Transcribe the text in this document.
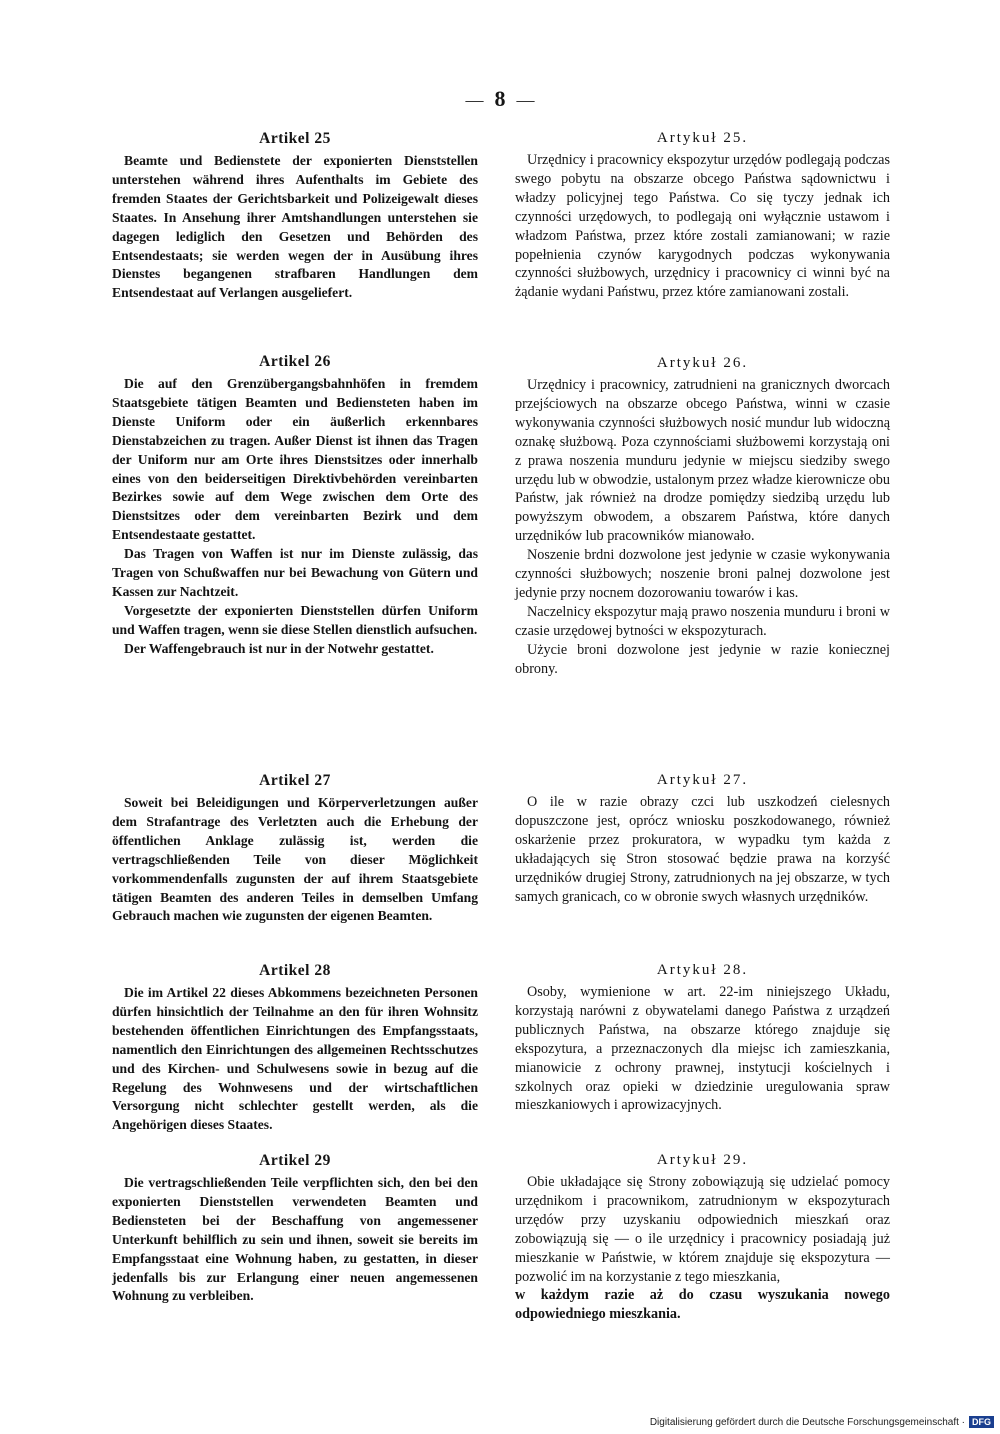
— 8 —
Artikel 25

Beamte und Bedienstete der exponierten Dienststellen unterstehen während ihres Aufenthalts im Gebiete des fremden Staates der Gerichtsbarkeit und Polizeigewalt dieses Staates. In Ansehung ihrer Amtshandlungen unterstehen sie dagegen lediglich den Gesetzen und Behörden des Entsendestaats; sie werden wegen der in Ausübung ihres Dienstes begangenen strafbaren Handlungen dem Entsendestaat auf Verlangen ausgeliefert.

Artikel 26

Die auf den Grenzübergangsbahnhöfen in fremdem Staatsgebiete tätigen Beamten und Bediensteten haben im Dienste Uniform oder ein äußerlich erkennbares Dienstabzeichen zu tragen. Außer Dienst ist ihnen das Tragen der Uniform nur am Orte ihres Dienstsitzes oder innerhalb eines von den beiderseitigen Direktivbehörden vereinbarten Bezirkes sowie auf dem Wege zwischen dem Orte des Dienstsitzes oder dem vereinbarten Bezirk und dem Entsendestaate gestattet.

Das Tragen von Waffen ist nur im Dienste zulässig, das Tragen von Schußwaffen nur bei Bewachung von Gütern und Kassen zur Nachtzeit.

Vorgesetzte der exponierten Dienststellen dürfen Uniform und Waffen tragen, wenn sie diese Stellen dienstlich aufsuchen.

Der Waffengebrauch ist nur in der Notwehr gestattet.

Artikel 27

Soweit bei Beleidigungen und Körperverletzungen außer dem Strafantrage des Verletzten auch die Erhebung der öffentlichen Anklage zulässig ist, werden die vertragschließenden Teile von dieser Möglichkeit vorkommendenfalls zugunsten der auf ihrem Staatsgebiete tätigen Beamten des anderen Teiles in demselben Umfang Gebrauch machen wie zugunsten der eigenen Beamten.

Artikel 28

Die im Artikel 22 dieses Abkommens bezeichneten Personen dürfen hinsichtlich der Teilnahme an den für ihren Wohnsitz bestehenden öffentlichen Einrichtungen des Empfangsstaats, namentlich den Einrichtungen des allgemeinen Rechtsschutzes und des Kirchen- und Schulwesens sowie in bezug auf die Regelung des Wohnwesens und der wirtschaftlichen Versorgung nicht schlechter gestellt werden, als die Angehörigen dieses Staates.

Artikel 29

Die vertragschließenden Teile verpflichten sich, den bei den exponierten Dienststellen verwendeten Beamten und Bediensteten bei der Beschaffung von angemessener Unterkunft behilflich zu sein und ihnen, soweit sie bereits im Empfangsstaat eine Wohnung haben, zu gestatten, in dieser jedenfalls bis zur Erlangung einer neuen angemessenen Wohnung zu verbleiben.

Artykuł 25.

Urzędnicy i pracownicy ekspozytur urzędów podlegają podczas swego pobytu na obszarze obcego Państwa sądownictwu i władzy policyjnej tego Państwa. Co się tyczy jednak ich czynności urzędowych, to podlegają oni wyłącznie ustawom i władzom Państwa, przez które zostali zamianowani; w razie popełnienia czynów karygodnych podczas wykonywania czynności służbowych, urzędnicy i pracownicy ci winni być na żądanie wydani Państwu, przez które zamianowani zostali.

Artykuł 26.

Urzędnicy i pracownicy, zatrudnieni na granicznych dworcach przejściowych na obszarze obcego Państwa, winni w czasie wykonywania czynności służbowych nosić mundur lub widoczną oznakę służbową. Poza czynnościami służbowemi korzystają oni z prawa noszenia munduru jedynie w miejscu siedziby swego urzędu lub w obwodzie, ustalonym przez władze kierownicze obu Państw, jak również na drodze pomiędzy siedzibą urzędu lub powyższym obwodem, a obszarem Państwa, które danych urzędników lub pracowników mianowało.

Noszenie brdni dozwolone jest jedynie w czasie wykonywania czynności służbowych; noszenie broni palnej dozwolone jest jedynie przy nocnem dozorowaniu towarów i kas.

Naczelnicy ekspozytur mają prawo noszenia munduru i broni w czasie urzędowej bytności w ekspozyturach.

Użycie broni dozwolone jest jedynie w razie koniecznej obrony.

Artykuł 27.

O ile w razie obrazy czci lub uszkodzeń cielesnych dopuszczone jest, oprócz wniosku poszkodowanego, również oskarżenie przez prokuratora, w wypadku tym każda z układających się Stron stosować będzie prawa na korzyść urzędników drugiej Strony, zatrudnionych na jej obszarze, w tych samych granicach, co w obronie swych własnych urzędników.

Artykuł 28.

Osoby, wymienione w art. 22-im niniejszego Układu, korzystają narówni z obywatelami danego Państwa z urządzeń publicznych Państwa, na obszarze którego znajduje się ekspozytura, a przeznaczonych dla miejsc ich zamieszkania, mianowicie z ochrony prawnej, instytucji kościelnych i szkolnych oraz opieki w dziedzinie uregulowania spraw mieszkaniowych i aprowizacyjnych.

Artykuł 29.

Obie układające się Strony zobowiązują się udzielać pomocy urzędnikom i pracownikom, zatrudnionym w ekspozyturach urzędów przy uzyskaniu odpowiednich mieszkań oraz zobowiązują się — o ile urzędnicy i pracownicy posiadają już mieszkanie w Państwie, w którem znajduje się ekspozytura — pozwolić im na korzystanie z tego mieszkania,

w każdym razie aż do czasu wyszukania nowego odpowiedniego mieszkania.

Digitalisierung gefördert durch die Deutsche Forschungsgemeinschaft · DFG
